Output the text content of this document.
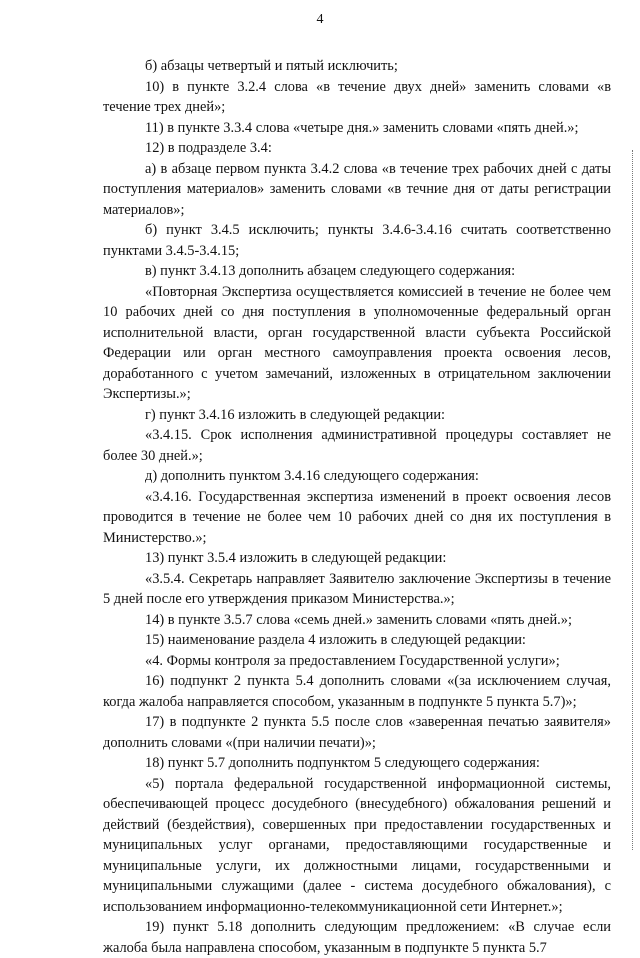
4

б) абзацы четвертый и пятый исключить;

10) в пункте 3.2.4 слова «в течение двух дней» заменить словами «в течение трех дней»;

11) в пункте 3.3.4 слова «четыре дня.» заменить словами «пять дней.»;

12) в подразделе 3.4:

а) в абзаце первом пункта 3.4.2 слова «в течение трех рабочих дней с даты поступления материалов» заменить словами «в течние дня от даты регистрации материалов»;

б) пункт 3.4.5 исключить; пункты 3.4.6-3.4.16 считать соответственно пунктами 3.4.5-3.4.15;

в) пункт 3.4.13 дополнить абзацем следующего содержания:

«Повторная Экспертиза осуществляется комиссией в течение не более чем 10 рабочих дней со дня поступления в уполномоченные федеральный орган исполнительной власти, орган государственной власти субъекта Российской Федерации или орган местного самоуправления проекта освоения лесов, доработанного с учетом замечаний, изложенных в отрицательном заключении Экспертизы.»;

г) пункт 3.4.16 изложить в следующей редакции:

«3.4.15. Срок исполнения административной процедуры составляет не более 30 дней.»;

д) дополнить пунктом 3.4.16 следующего содержания:

«3.4.16. Государственная экспертиза изменений в проект освоения лесов проводится в течение не более чем 10 рабочих дней со дня их поступления в Министерство.»;

13) пункт 3.5.4 изложить в следующей редакции:

«3.5.4. Секретарь направляет Заявителю заключение Экспертизы в течение 5 дней после его утверждения приказом Министерства.»;

14) в пункте 3.5.7 слова «семь дней.» заменить словами «пять дней.»;

15) наименование раздела 4 изложить в следующей редакции:

«4. Формы контроля за предоставлением Государственной услуги»;

16) подпункт 2 пункта 5.4 дополнить словами «(за исключением случая, когда жалоба направляется способом, указанным в подпункте 5 пункта 5.7)»;

17) в подпункте 2 пункта 5.5 после слов «заверенная печатью заявителя» дополнить словами «(при наличии печати)»;

18) пункт 5.7 дополнить подпунктом 5 следующего содержания:

«5) портала федеральной государственной информационной системы, обеспечивающей процесс досудебного (внесудебного) обжалования решений и действий (бездействия), совершенных при предоставлении государственных и муниципальных услуг органами, предоставляющими государственные и муниципальные услуги, их должностными лицами, государственными и муниципальными служащими (далее - система досудебного обжалования), с использованием информационно-телекоммуникационной сети Интернет.»;

19) пункт 5.18 дополнить следующим предложением: «В случае если жалоба была направлена способом, указанным в подпункте 5 пункта 5.7
